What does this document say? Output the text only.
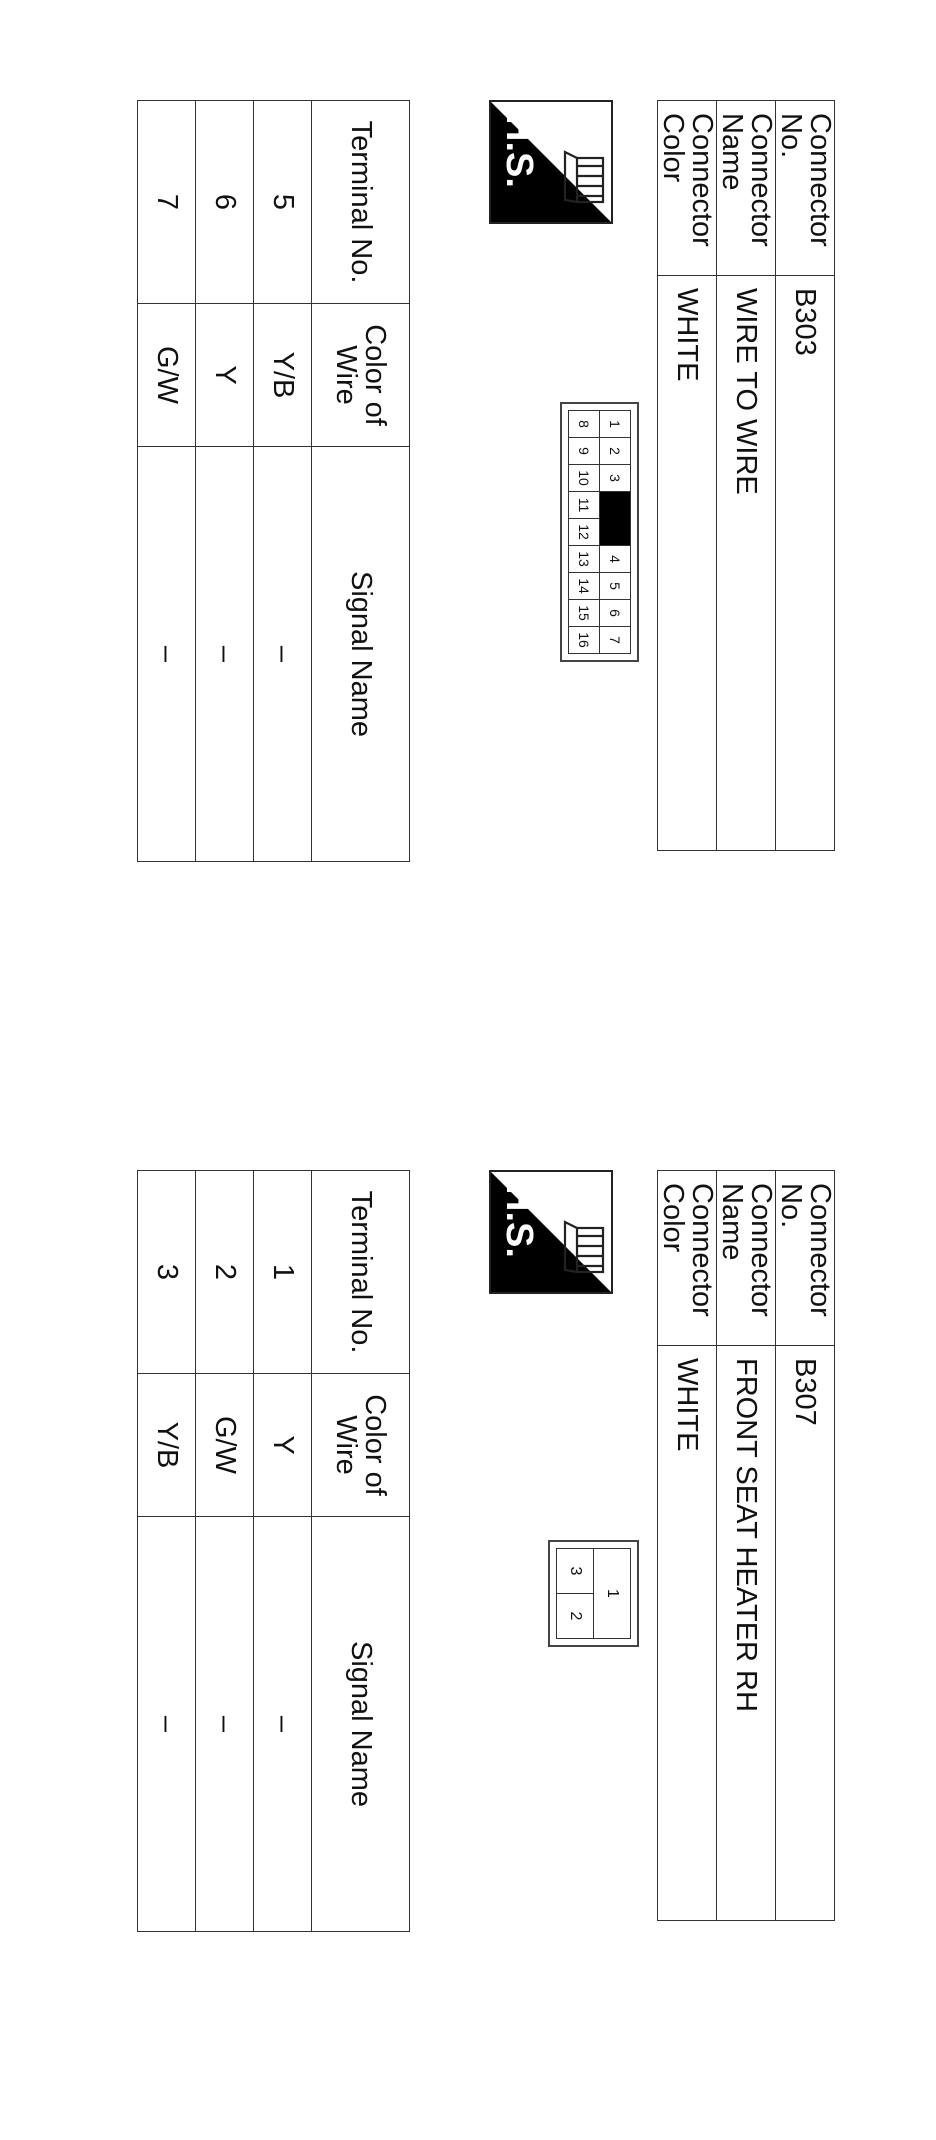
Connector No.	B303
Connector Name	WIRE TO WIRE
Connector Color	WHITE
H.S.
1	2	3			4	5	6	7
8	9	10	11	12	13	14	15	16
Terminal No.	Color of Wire	Signal Name
5	Y/B	–
6	Y	–
7	G/W	–
Connector No.	B307
Connector Name	FRONT SEAT HEATER RH
Connector Color	WHITE
H.S.
1
3	2
Terminal No.	Color of Wire	Signal Name
1	Y	–
2	G/W	–
3	Y/B	–
